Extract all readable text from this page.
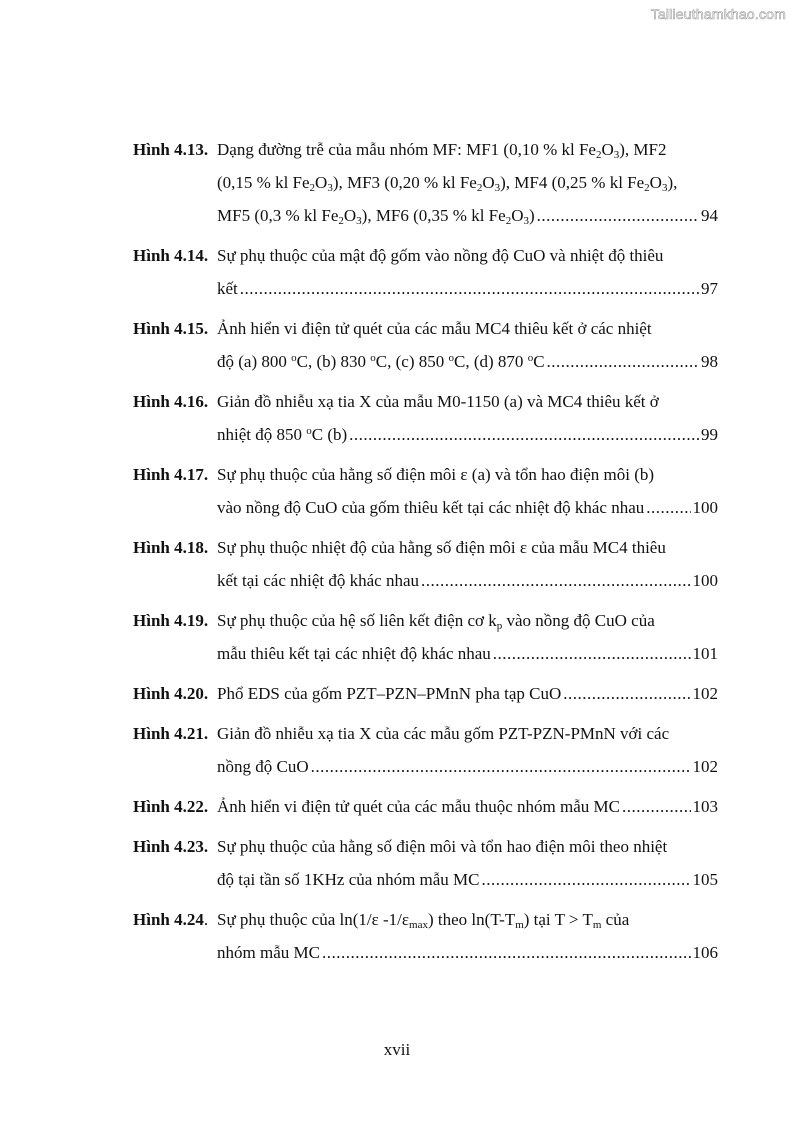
Tailieuthamkhao.com
Hình 4.13. Dạng đường trễ của mẫu nhóm MF: MF1 (0,10 % kl $Fe_2O_3$), MF2
(0,15 % kl $Fe_2O_3$), MF3 (0,20 % kl $Fe_2O_3$), MF4 (0,25 % kl $Fe_2O_3$),
MF5 (0,3 % kl $Fe_2O_3$), MF6 (0,35 % kl $Fe_2O_3$) .....	94
Hình 4.14. Sự phụ thuộc của mật độ gốm vào nồng độ CuO và nhiệt độ thiêu
kết .....	97
Hình 4.15. Ảnh hiển vi điện tử quét của các mẫu MC4 thiêu kết ở các nhiệt
độ (a) 800 $^o$C, (b) 830 $^o$C, (c) 850 $^o$C, (d) 870 $^o$C .....	98
Hình 4.16. Giản đồ nhiễu xạ tia X của mẫu M0-1150 (a) và MC4 thiêu kết ở
nhiệt độ 850 $^o$C (b) .....	99
Hình 4.17. Sự phụ thuộc của hằng số điện môi ε (a) và tổn hao điện môi (b)
vào nồng độ CuO của gốm thiêu kết tại các nhiệt độ khác nhau .....	100
Hình 4.18. Sự phụ thuộc nhiệt độ của hằng số điện môi ε của mẫu MC4 thiêu
kết tại các nhiệt độ khác nhau .....	100
Hình 4.19. Sự phụ thuộc của hệ số liên kết điện cơ $k_p$ vào nồng độ CuO của
mẫu thiêu kết tại các nhiệt độ khác nhau .....	101
Hình 4.20. Phổ EDS của gốm PZT–PZN–PMnN pha tạp CuO .....	102
Hình 4.21. Giản đồ nhiễu xạ tia X của các mẫu gốm PZT-PZN-PMnN với các
nồng độ CuO .....	102
Hình 4.22. Ảnh hiển vi điện tử quét của các mẫu thuộc nhóm mẫu MC .....	103
Hình 4.23. Sự phụ thuộc của hằng số điện môi và tổn hao điện môi theo nhiệt
độ tại tần số 1KHz của nhóm mẫu MC .....	105
Hình 4.24. Sự phụ thuộc của ln(1/ε $-1/\varepsilon_{max}$) theo $\ln(T-T_m)$ tại $T > T_m$ của
nhóm mẫu MC .....	106
xvii
